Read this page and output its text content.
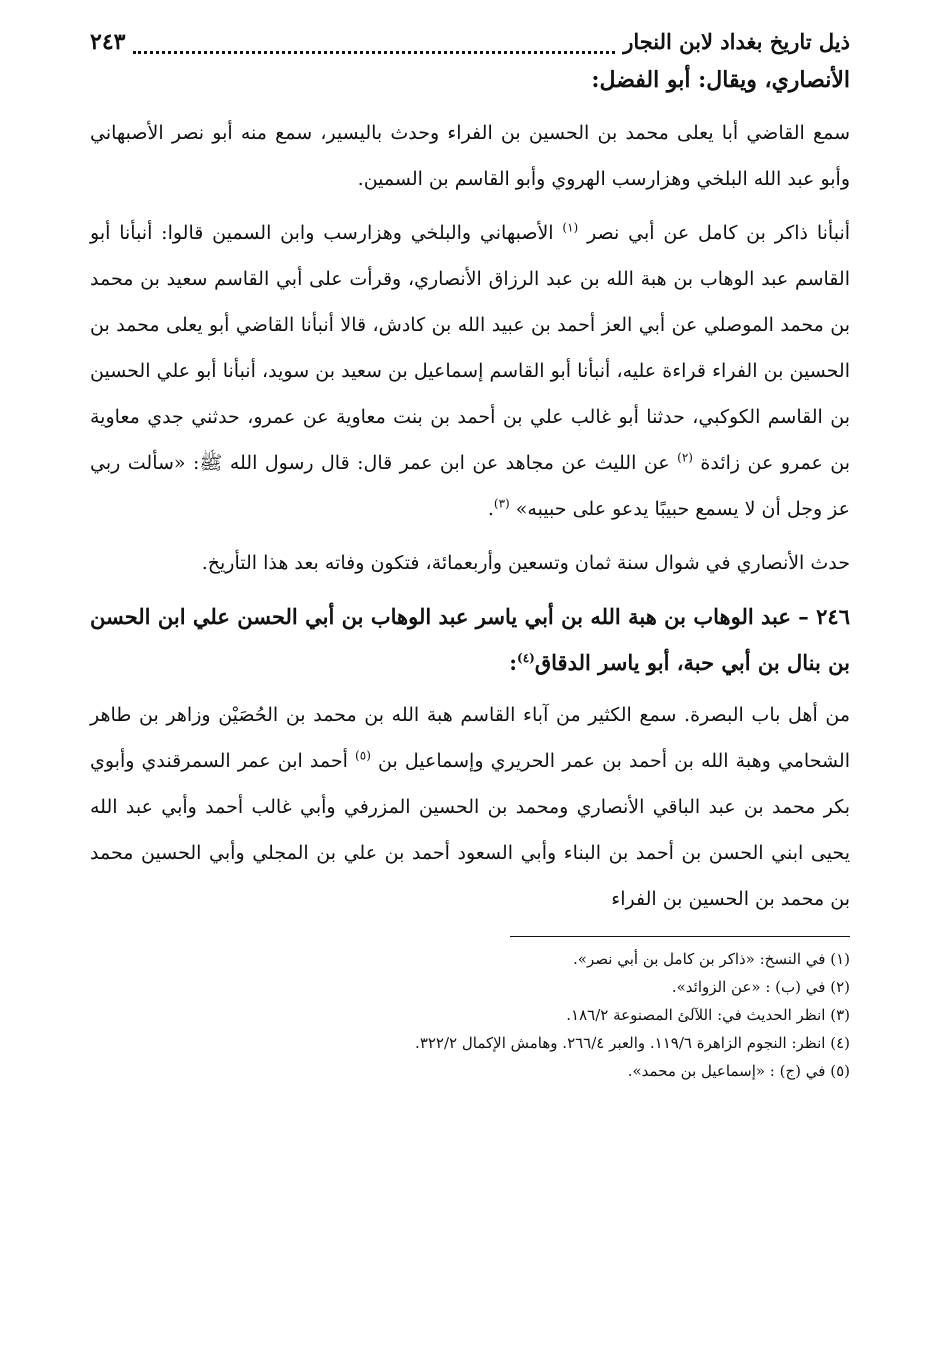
ذيل تاريخ بغداد لابن النجار
٢٤٣
الأنصاري، ويقال: أبو الفضل:

سمع القاضي أبا يعلى محمد بن الحسين بن الفراء وحدث باليسير، سمع منه أبو نصر الأصبهاني وأبو عبد الله البلخي وهزارسب الهروي وأبو القاسم بن السمين.

أنبأنا ذاكر بن كامل عن أبي نصر $^{(١)}$ الأصبهاني والبلخي وهزارسب وابن السمين قالوا: أنبأنا أبو القاسم عبد الوهاب بن هبة الله بن عبد الرزاق الأنصاري، وقرأت على أبي القاسم سعيد بن محمد بن محمد الموصلي عن أبي العز أحمد بن عبيد الله بن كادش، قالا أنبأنا القاضي أبو يعلى محمد بن الحسين بن الفراء قراءة عليه، أنبأنا أبو القاسم إسماعيل بن سعيد بن سويد، أنبأنا أبو علي الحسين بن القاسم الكوكبي، حدثنا أبو غالب علي بن أحمد بن بنت معاوية عن عمرو، حدثني جدي معاوية بن عمرو عن زائدة $^{(٢)}$ عن الليث عن مجاهد عن ابن عمر قال: قال رسول الله ﷺ: «سألت ربي عز وجل أن لا يسمع حبيبًا يدعو على حبيبه» $^{(٣)}$.

حدث الأنصاري في شوال سنة ثمان وتسعين وأربعمائة، فتكون وفاته بعد هذا التأريخ.

٢٤٦ – عبد الوهاب بن هبة الله بن أبي ياسر عبد الوهاب بن أبي الحسن علي ابن الحسن بن بنال بن أبي حبة، أبو ياسر الدقاق$^{(٤)}$:

من أهل باب البصرة. سمع الكثير من آباء القاسم هبة الله بن محمد بن الحُصَيْن وزاهر بن طاهر الشحامي وهبة الله بن أحمد بن عمر الحريري وإسماعيل بن $^{(٥)}$ أحمد ابن عمر السمرقندي وأبوي بكر محمد بن عبد الباقي الأنصاري ومحمد بن الحسين المزرفي وأبي غالب أحمد وأبي عبد الله يحيى ابني الحسن بن أحمد بن البناء وأبي السعود أحمد بن علي بن المجلي وأبي الحسين محمد بن محمد بن الحسين بن الفراء

(١) في النسخ: «ذاكر بن كامل بن أبي نصر».
(٢) في (ب) : «عن الزوائد».
(٣) انظر الحديث في: اللآلئ المصنوعة ١٨٦/٢.
(٤) انظر: النجوم الزاهرة ١١٩/٦. والعبر ٢٦٦/٤. وهامش الإكمال ٣٢٢/٢.
(٥) في (ج) : «إسماعيل بن محمد».
